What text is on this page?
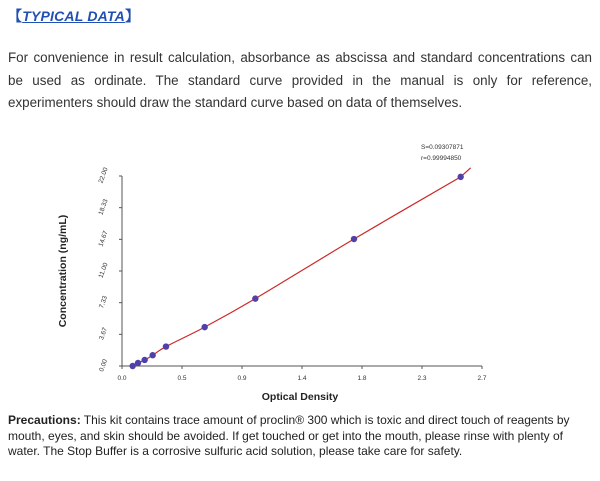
【TYPICAL DATA】
For convenience in result calculation, absorbance as abscissa and standard concentrations can be used as ordinate. The standard curve provided in the manual is only for reference, experimenters should draw the standard curve based on data of themselves.
0.00
3.67
7.33
11.00
14.67
18.33
22.00
0.0	0.5	0.9	1.4	1.8	2.3	2.7
S=0.09307871
r=0.99994850
Optical Density
Concentration (ng/mL)
Precautions: This kit contains trace amount of proclin® 300 which is toxic and direct touch of reagents by mouth, eyes, and skin should be avoided. If get touched or get into the mouth, please rinse with plenty of water. The Stop Buffer is a corrosive sulfuric acid solution, please take care for safety.
